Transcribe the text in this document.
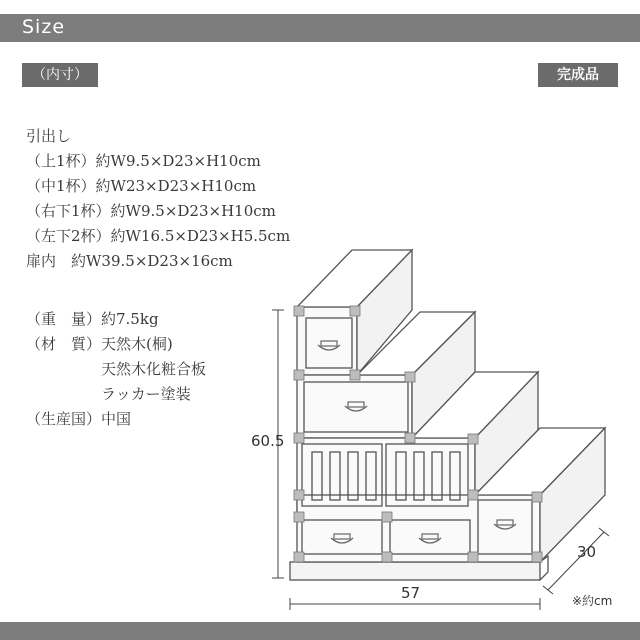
Size
（内寸）	完成品
引出し
（上1杯）約W9.5×D23×H10cm
（中1杯）約W23×D23×H10cm
（右下1杯）約W9.5×D23×H10cm
（左下2杯）約W16.5×D23×H5.5cm
扉内　約W39.5×D23×16cm
（重　量）約7.5kg
（材　質）天然木(桐)
　　　　　天然木化粧合板
　　　　　ラッカー塗装
（生産国）中国
60.5
57
30
※約cm
